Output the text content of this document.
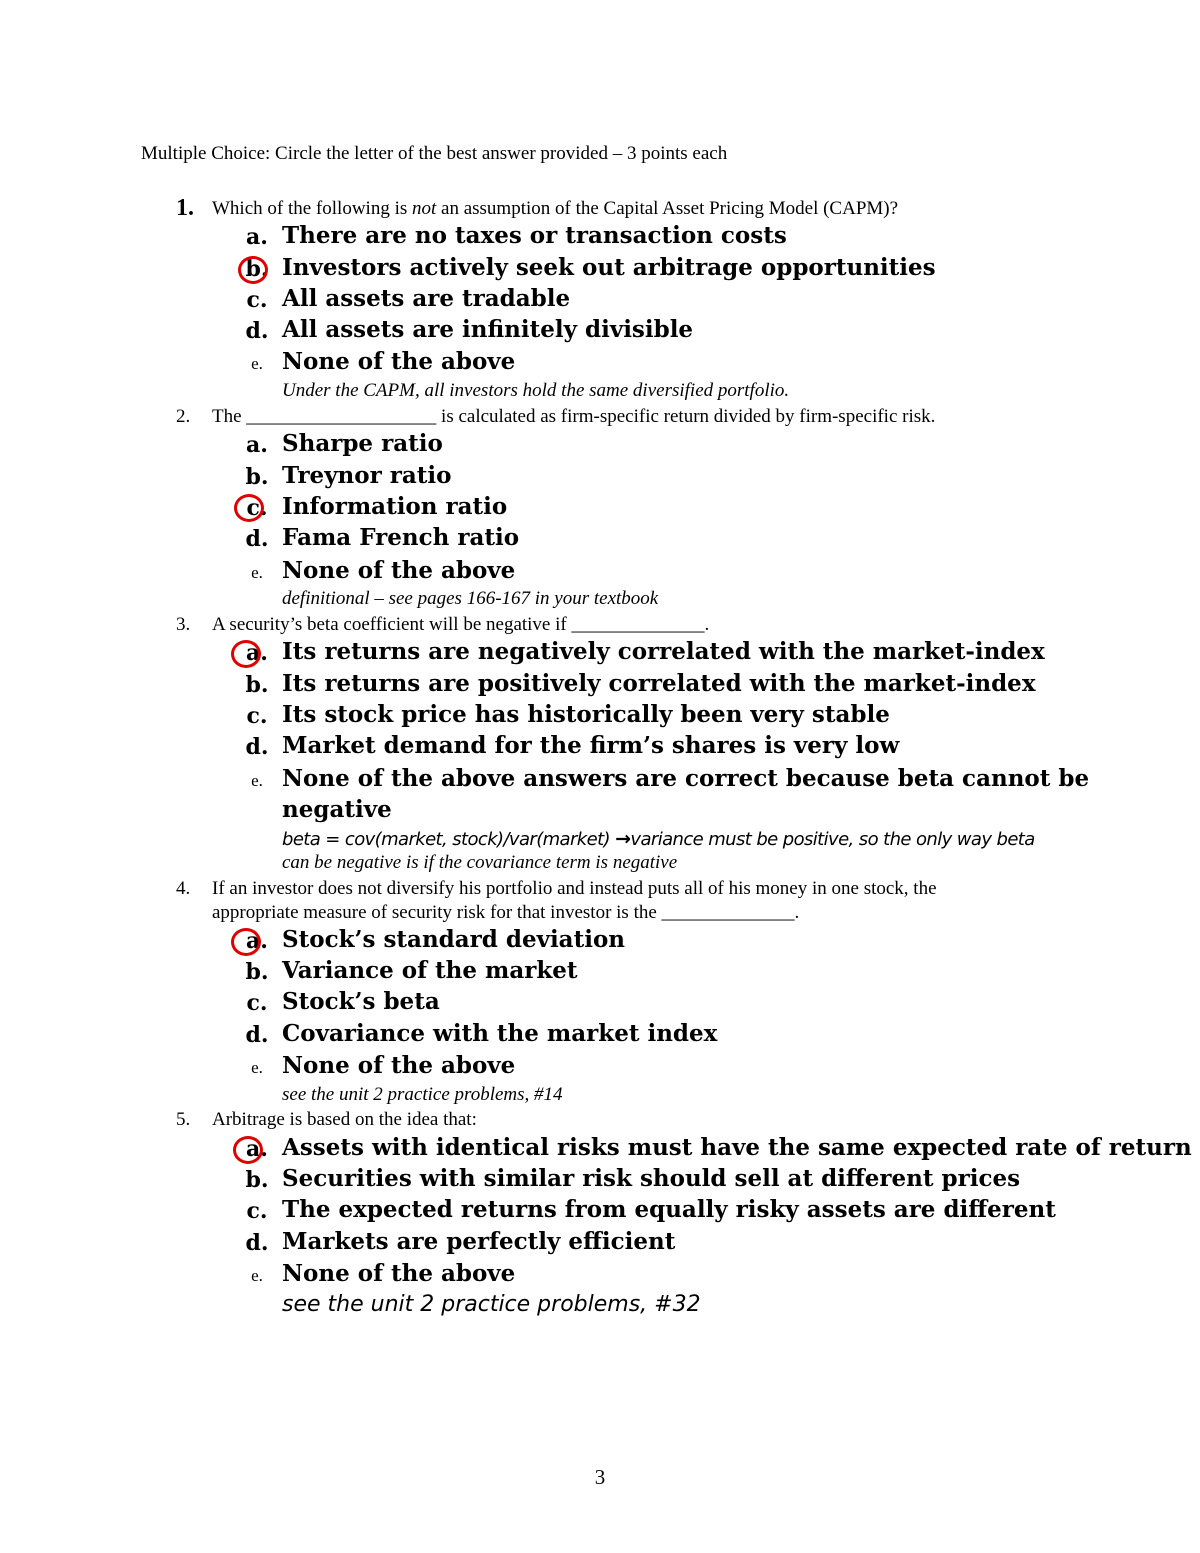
Multiple Choice: Circle the letter of the best answer provided – 3 points each
1. Which of the following is not an assumption of the Capital Asset Pricing Model (CAPM)?
a. There are no taxes or transaction costs
b. Investors actively seek out arbitrage opportunities
c. All assets are tradable
d. All assets are infinitely divisible
e. None of the above
Under the CAPM, all investors hold the same diversified portfolio.
2. The ____________________ is calculated as firm-specific return divided by firm-specific risk.
a. Sharpe ratio
b. Treynor ratio
c. Information ratio
d. Fama French ratio
e. None of the above
definitional – see pages 166-167 in your textbook
3. A security’s beta coefficient will be negative if ______________.
a. Its returns are negatively correlated with the market-index
b. Its returns are positively correlated with the market-index
c. Its stock price has historically been very stable
d. Market demand for the firm’s shares is very low
e. None of the above answers are correct because beta cannot be
negative
beta = cov(market, stock)/var(market) →variance must be positive, so the only way beta
can be negative is if the covariance term is negative
4. If an investor does not diversify his portfolio and instead puts all of his money in one stock, the
appropriate measure of security risk for that investor is the ______________.
a. Stock’s standard deviation
b. Variance of the market
c. Stock’s beta
d. Covariance with the market index
e. None of the above
see the unit 2 practice problems, #14
5. Arbitrage is based on the idea that:
a. Assets with identical risks must have the same expected rate of return
b. Securities with similar risk should sell at different prices
c. The expected returns from equally risky assets are different
d. Markets are perfectly efficient
e. None of the above
see the unit 2 practice problems, #32
3
